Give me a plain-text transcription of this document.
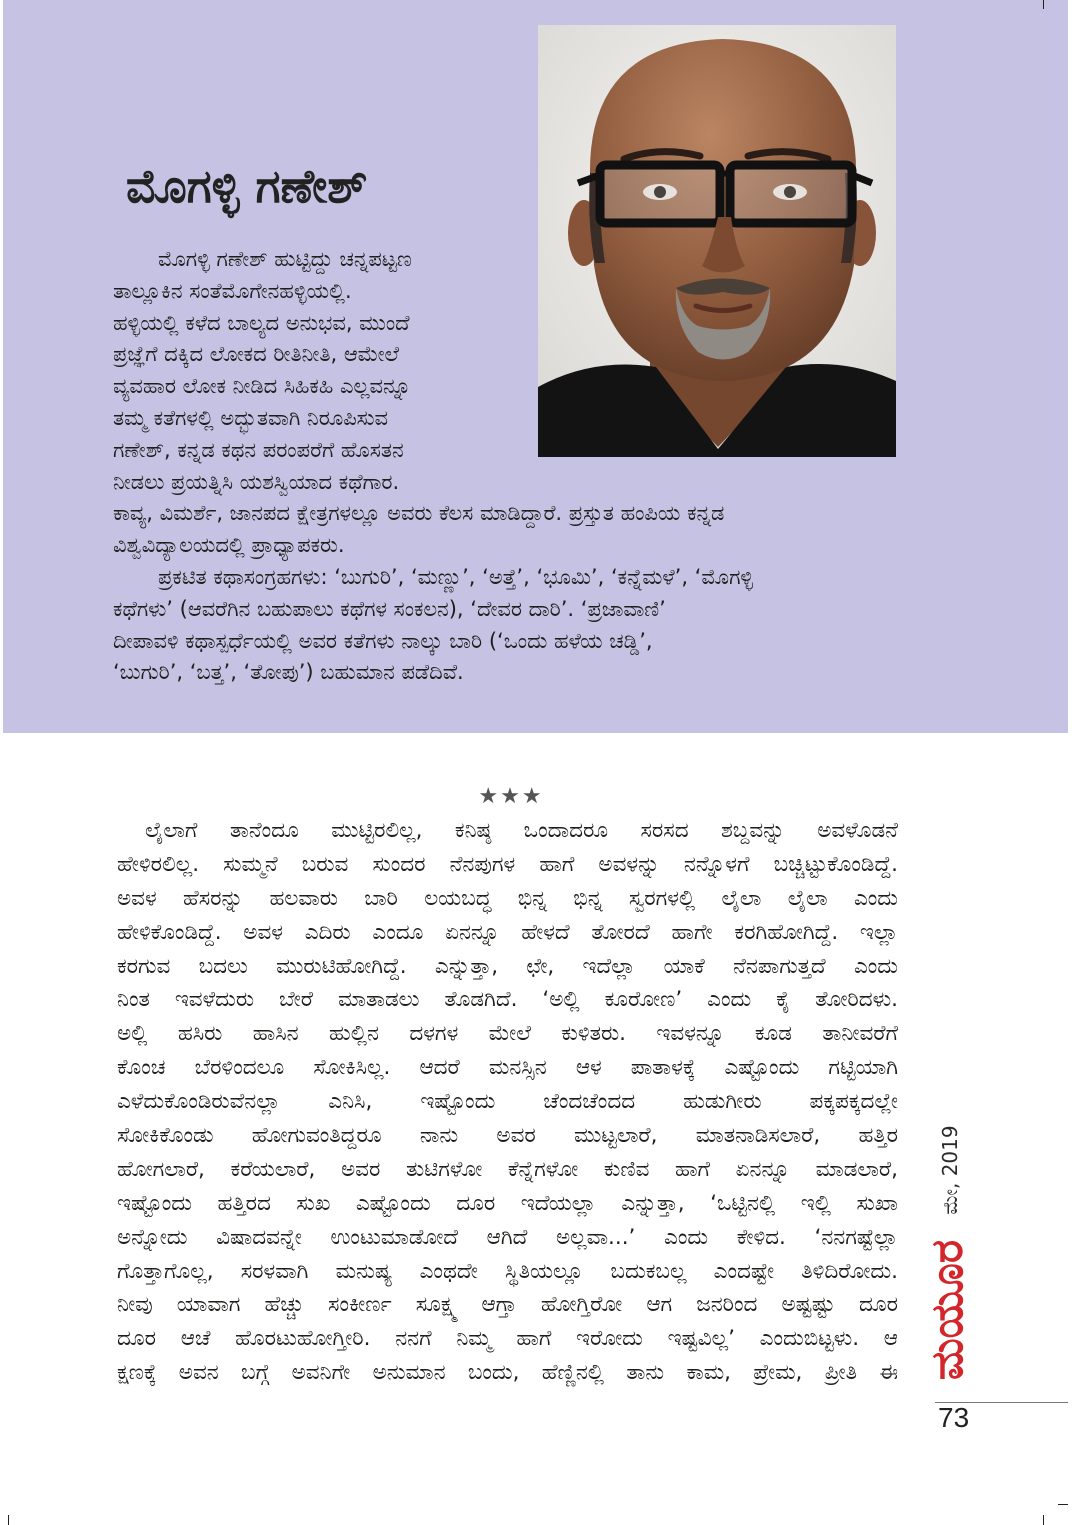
ಮೊಗಳ್ಳಿ ಗಣೇಶ್
ಮೊಗಳ್ಳಿ ಗಣೇಶ್ ಹುಟ್ಟಿದ್ದು ಚನ್ನಪಟ್ಟಣ
ತಾಲ್ಲೂಕಿನ ಸಂತೆಮೊಗೇನಹಳ್ಳಿಯಲ್ಲಿ.
ಹಳ್ಳಿಯಲ್ಲಿ ಕಳೆದ ಬಾಲ್ಯದ ಅನುಭವ, ಮುಂದೆ
ಪ್ರಜ್ಞೆಗೆ ದಕ್ಕಿದ ಲೋಕದ ರೀತಿನೀತಿ, ಆಮೇಲೆ
ವ್ಯವಹಾರ ಲೋಕ ನೀಡಿದ ಸಿಹಿಕಹಿ ಎಲ್ಲವನ್ನೂ
ತಮ್ಮ ಕತೆಗಳಲ್ಲಿ ಅದ್ಭುತವಾಗಿ ನಿರೂಪಿಸುವ
ಗಣೇಶ್, ಕನ್ನಡ ಕಥನ ಪರಂಪರೆಗೆ ಹೊಸತನ
ನೀಡಲು ಪ್ರಯತ್ನಿಸಿ ಯಶಸ್ವಿಯಾದ ಕಥೆಗಾರ.
ಕಾವ್ಯ, ವಿಮರ್ಶೆ, ಜಾನಪದ ಕ್ಷೇತ್ರಗಳಲ್ಲೂ ಅವರು ಕೆಲಸ ಮಾಡಿದ್ದಾರೆ. ಪ್ರಸ್ತುತ ಹಂಪಿಯ ಕನ್ನಡ
ವಿಶ್ವವಿದ್ಯಾಲಯದಲ್ಲಿ ಪ್ರಾಧ್ಯಾಪಕರು.
ಪ್ರಕಟಿತ ಕಥಾಸಂಗ್ರಹಗಳು: ‘ಬುಗುರಿ’, ‘ಮಣ್ಣು’, ‘ಅತ್ತೆ’, ‘ಭೂಮಿ’, ‘ಕನ್ನೆಮಳೆ’, ‘ಮೊಗಳ್ಳಿ
ಕಥೆಗಳು’ (ಆವರೆಗಿನ ಬಹುಪಾಲು ಕಥೆಗಳ ಸಂಕಲನ), ‘ದೇವರ ದಾರಿ’. ‘ಪ್ರಜಾವಾಣಿ’
ದೀಪಾವಳಿ ಕಥಾಸ್ಪರ್ಧೆಯಲ್ಲಿ ಅವರ ಕತೆಗಳು ನಾಲ್ಕು ಬಾರಿ (‘ಒಂದು ಹಳೆಯ ಚಡ್ಡಿ’,
‘ಬುಗುರಿ’, ‘ಬತ್ತ’, ‘ತೋಪು’) ಬಹುಮಾನ ಪಡೆದಿವೆ.
★★★
ಲೈಲಾಗೆ ತಾನೆಂದೂ ಮುಟ್ಟಿರಲಿಲ್ಲ, ಕನಿಷ್ಠ ಒಂದಾದರೂ ಸರಸದ ಶಬ್ದವನ್ನು ಅವಳೊಡನೆ
ಹೇಳಿರಲಿಲ್ಲ. ಸುಮ್ಮನೆ ಬರುವ ಸುಂದರ ನೆನಪುಗಳ ಹಾಗೆ ಅವಳನ್ನು ನನ್ನೊಳಗೆ ಬಚ್ಚಿಟ್ಟುಕೊಂಡಿದ್ದೆ.
ಅವಳ ಹೆಸರನ್ನು ಹಲವಾರು ಬಾರಿ ಲಯಬದ್ಧ ಭಿನ್ನ ಭಿನ್ನ ಸ್ವರಗಳಲ್ಲಿ ಲೈಲಾ ಲೈಲಾ ಎಂದು
ಹೇಳಿಕೊಂಡಿದ್ದೆ. ಅವಳ ಎದಿರು ಎಂದೂ ಏನನ್ನೂ ಹೇಳದೆ ತೋರದೆ ಹಾಗೇ ಕರಗಿಹೋಗಿದ್ದೆ. ಇಲ್ಲಾ
ಕರಗುವ ಬದಲು ಮುರುಟಿಹೋಗಿದ್ದೆ. ಎನ್ನುತ್ತಾ, ಛೇ, ಇದೆಲ್ಲಾ ಯಾಕೆ ನೆನಪಾಗುತ್ತದೆ ಎಂದು
ನಿಂತ ಇವಳೆದುರು ಬೇರೆ ಮಾತಾಡಲು ತೊಡಗಿದೆ. ‘ಅಲ್ಲಿ ಕೂರೋಣ’ ಎಂದು ಕೈ ತೋರಿದಳು.
ಅಲ್ಲಿ ಹಸಿರು ಹಾಸಿನ ಹುಲ್ಲಿನ ದಳಗಳ ಮೇಲೆ ಕುಳಿತರು. ಇವಳನ್ನೂ ಕೂಡ ತಾನೀವರೆಗೆ
ಕೊಂಚ ಬೆರಳಿಂದಲೂ ಸೋಕಿಸಿಲ್ಲ. ಆದರೆ ಮನಸ್ಸಿನ ಆಳ ಪಾತಾಳಕ್ಕೆ ಎಷ್ಟೊಂದು ಗಟ್ಟಿಯಾಗಿ
ಎಳೆದುಕೊಂಡಿರುವೆನಲ್ಲಾ ಎನಿಸಿ, ಇಷ್ಟೊಂದು ಚೆಂದಚೆಂದದ ಹುಡುಗೀರು ಪಕ್ಕಪಕ್ಕದಲ್ಲೇ
ಸೋಕಿಕೊಂಡು ಹೋಗುವಂತಿದ್ದರೂ ನಾನು ಅವರ ಮುಟ್ಟಲಾರೆ, ಮಾತನಾಡಿಸಲಾರೆ, ಹತ್ತಿರ
ಹೋಗಲಾರೆ, ಕರೆಯಲಾರೆ, ಅವರ ತುಟಿಗಳೋ ಕೆನ್ನೆಗಳೋ ಕುಣಿವ ಹಾಗೆ ಏನನ್ನೂ ಮಾಡಲಾರೆ,
ಇಷ್ಟೊಂದು ಹತ್ತಿರದ ಸುಖ ಎಷ್ಟೊಂದು ದೂರ ಇದೆಯಲ್ಲಾ ಎನ್ನುತ್ತಾ, ‘ಒಟ್ಟಿನಲ್ಲಿ ಇಲ್ಲಿ ಸುಖಾ
ಅನ್ನೋದು ವಿಷಾದವನ್ನೇ ಉಂಟುಮಾಡೋದೆ ಆಗಿದೆ ಅಲ್ಲವಾ...’ ಎಂದು ಕೇಳಿದ. ‘ನನಗಷ್ಟೆಲ್ಲಾ
ಗೊತ್ತಾಗೊಲ್ಲ, ಸರಳವಾಗಿ ಮನುಷ್ಯ ಎಂಥದೇ ಸ್ಥಿತಿಯಲ್ಲೂ ಬದುಕಬಲ್ಲ ಎಂದಷ್ಟೇ ತಿಳಿದಿರೋದು.
ನೀವು ಯಾವಾಗ ಹೆಚ್ಚು ಸಂಕೀರ್ಣ ಸೂಕ್ಷ್ಮ ಆಗ್ತಾ ಹೋಗ್ತಿರೋ ಆಗ ಜನರಿಂದ ಅಷ್ಟಷ್ಟು ದೂರ
ದೂರ ಆಚೆ ಹೊರಟುಹೋಗ್ತೀರಿ. ನನಗೆ ನಿಮ್ಮ ಹಾಗೆ ಇರೋದು ಇಷ್ಟವಿಲ್ಲ’ ಎಂದುಬಿಟ್ಟಳು. ಆ
ಕ್ಷಣಕ್ಕೆ ಅವನ ಬಗ್ಗೆ ಅವನಿಗೇ ಅನುಮಾನ ಬಂದು, ಹೆಣ್ಣಿನಲ್ಲಿ ತಾನು ಕಾಮ, ಪ್ರೇಮ, ಪ್ರೀತಿ ಈ
ಮೇ, 2019
ಮಯೂರ
73
